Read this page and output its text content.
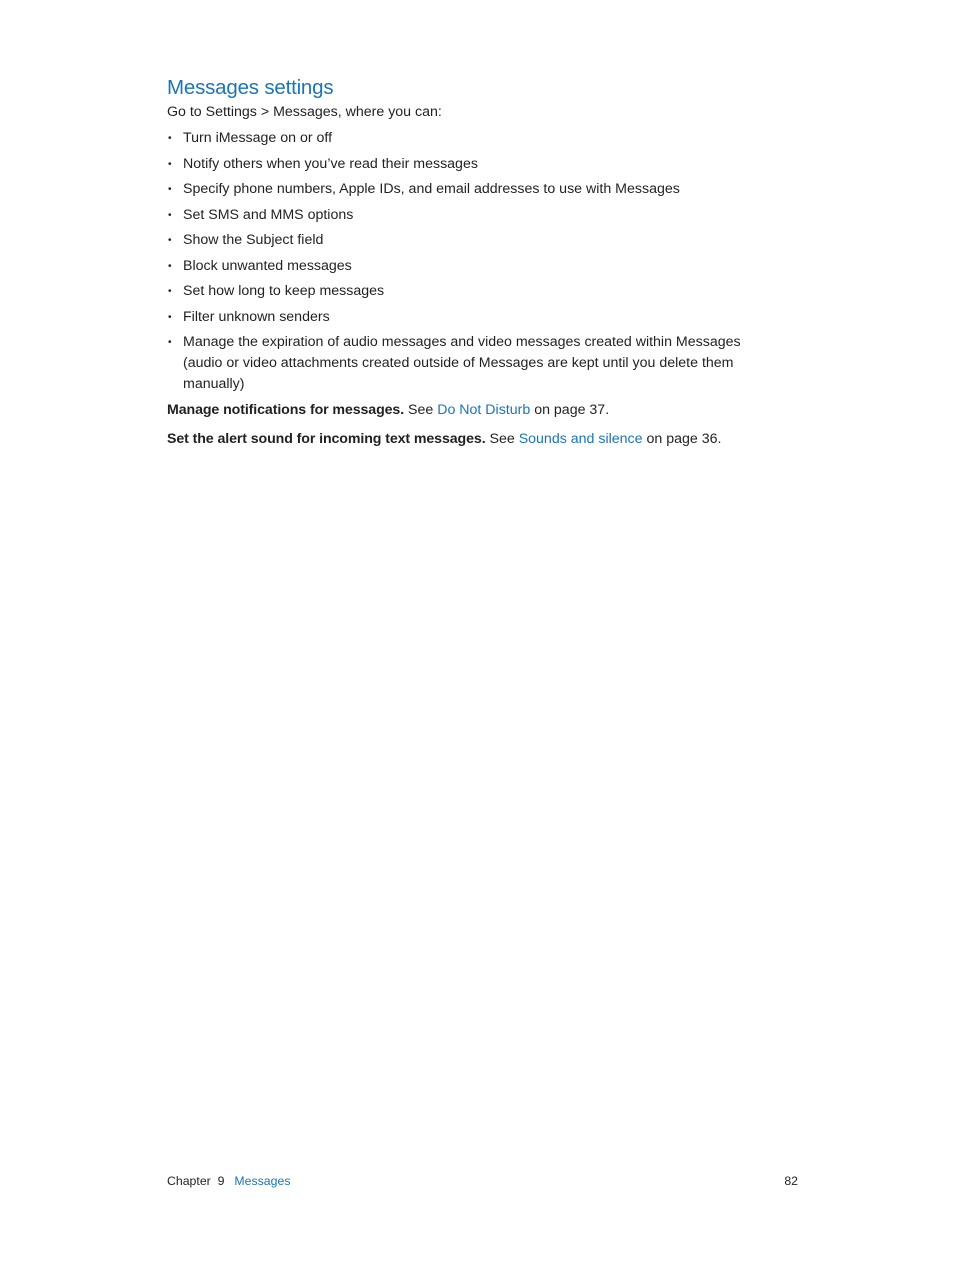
Messages settings

Go to Settings > Messages, where you can:

• Turn iMessage on or off
• Notify others when you’ve read their messages
• Specify phone numbers, Apple IDs, and email addresses to use with Messages
• Set SMS and MMS options
• Show the Subject field
• Block unwanted messages
• Set how long to keep messages
• Filter unknown senders
• Manage the expiration of audio messages and video messages created within Messages (audio or video attachments created outside of Messages are kept until you delete them manually)

Manage notifications for messages. See Do Not Disturb on page 37.

Set the alert sound for incoming text messages. See Sounds and silence on page 36.

Chapter  9 Messages	82
